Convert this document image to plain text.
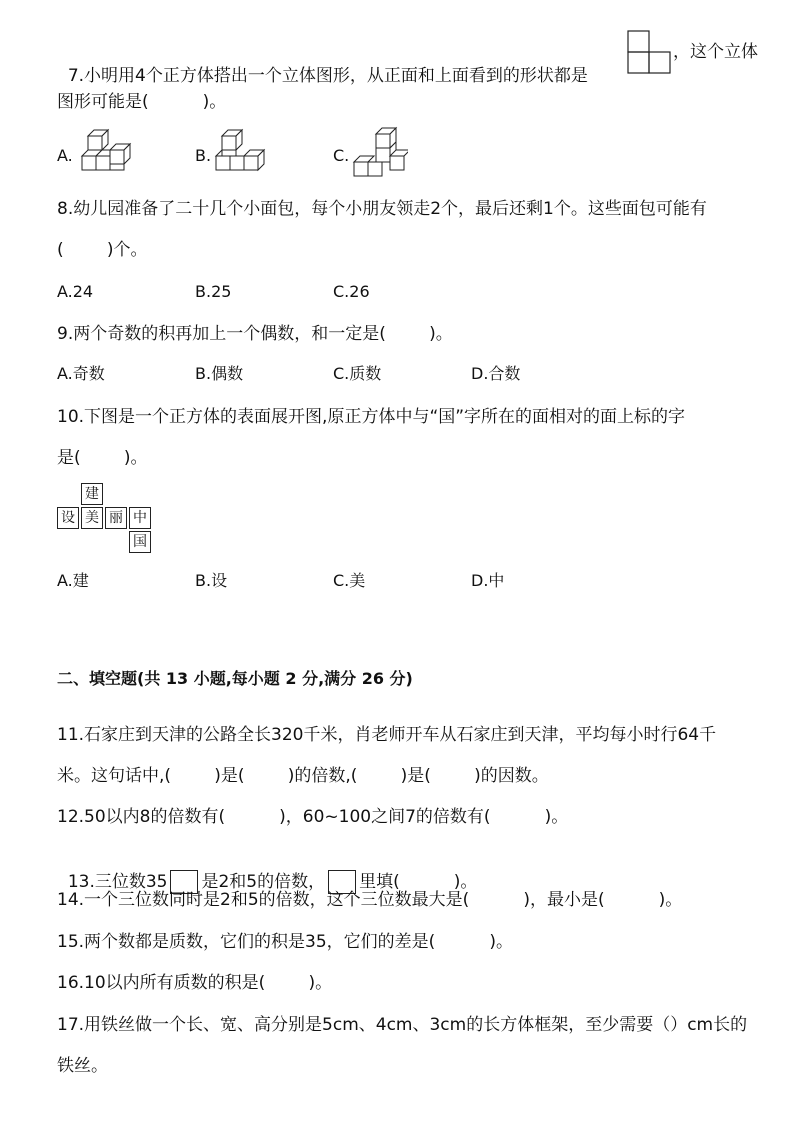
7.小明用4个正方体搭出一个立体图形，从正面和上面看到的形状都是

，这个立体
图形可能是(          )。
A.	B.	C.
8.幼儿园准备了二十几个小面包，每个小朋友领走2个，最后还剩1个。这些面包可能有
(        )个。
A.24	B.25	C.26
9.两个奇数的积再加上一个偶数，和一定是(        )。
A.奇数	B.偶数	C.质数	D.合数
10.下图是一个正方体的表面展开图,原正方体中与“国”字所在的面相对的面上标的字
是(        )。
建
设 美 丽 中
国
A.建	B.设	C.美	D.中
二、填空题(共 13 小题,每小题 2 分,满分 26 分)
11.石家庄到天津的公路全长320千米，肖老师开车从石家庄到天津，平均每小时行64千
米。这句话中,(        )是(        )的倍数,(        )是(        )的因数。
12.50以内8的倍数有(          )，60~100之间7的倍数有(          )。

13.三位数35 是2和5的倍数， 里填(          )。

14.一个三位数同时是2和5的倍数，这个三位数最大是(          )，最小是(          )。
15.两个数都是质数，它们的积是35，它们的差是(          )。
16.10以内所有质数的积是(        )。
17.用铁丝做一个长、宽、高分别是5cm、4cm、3cm的长方体框架，至少需要（）cm长的
铁丝。
